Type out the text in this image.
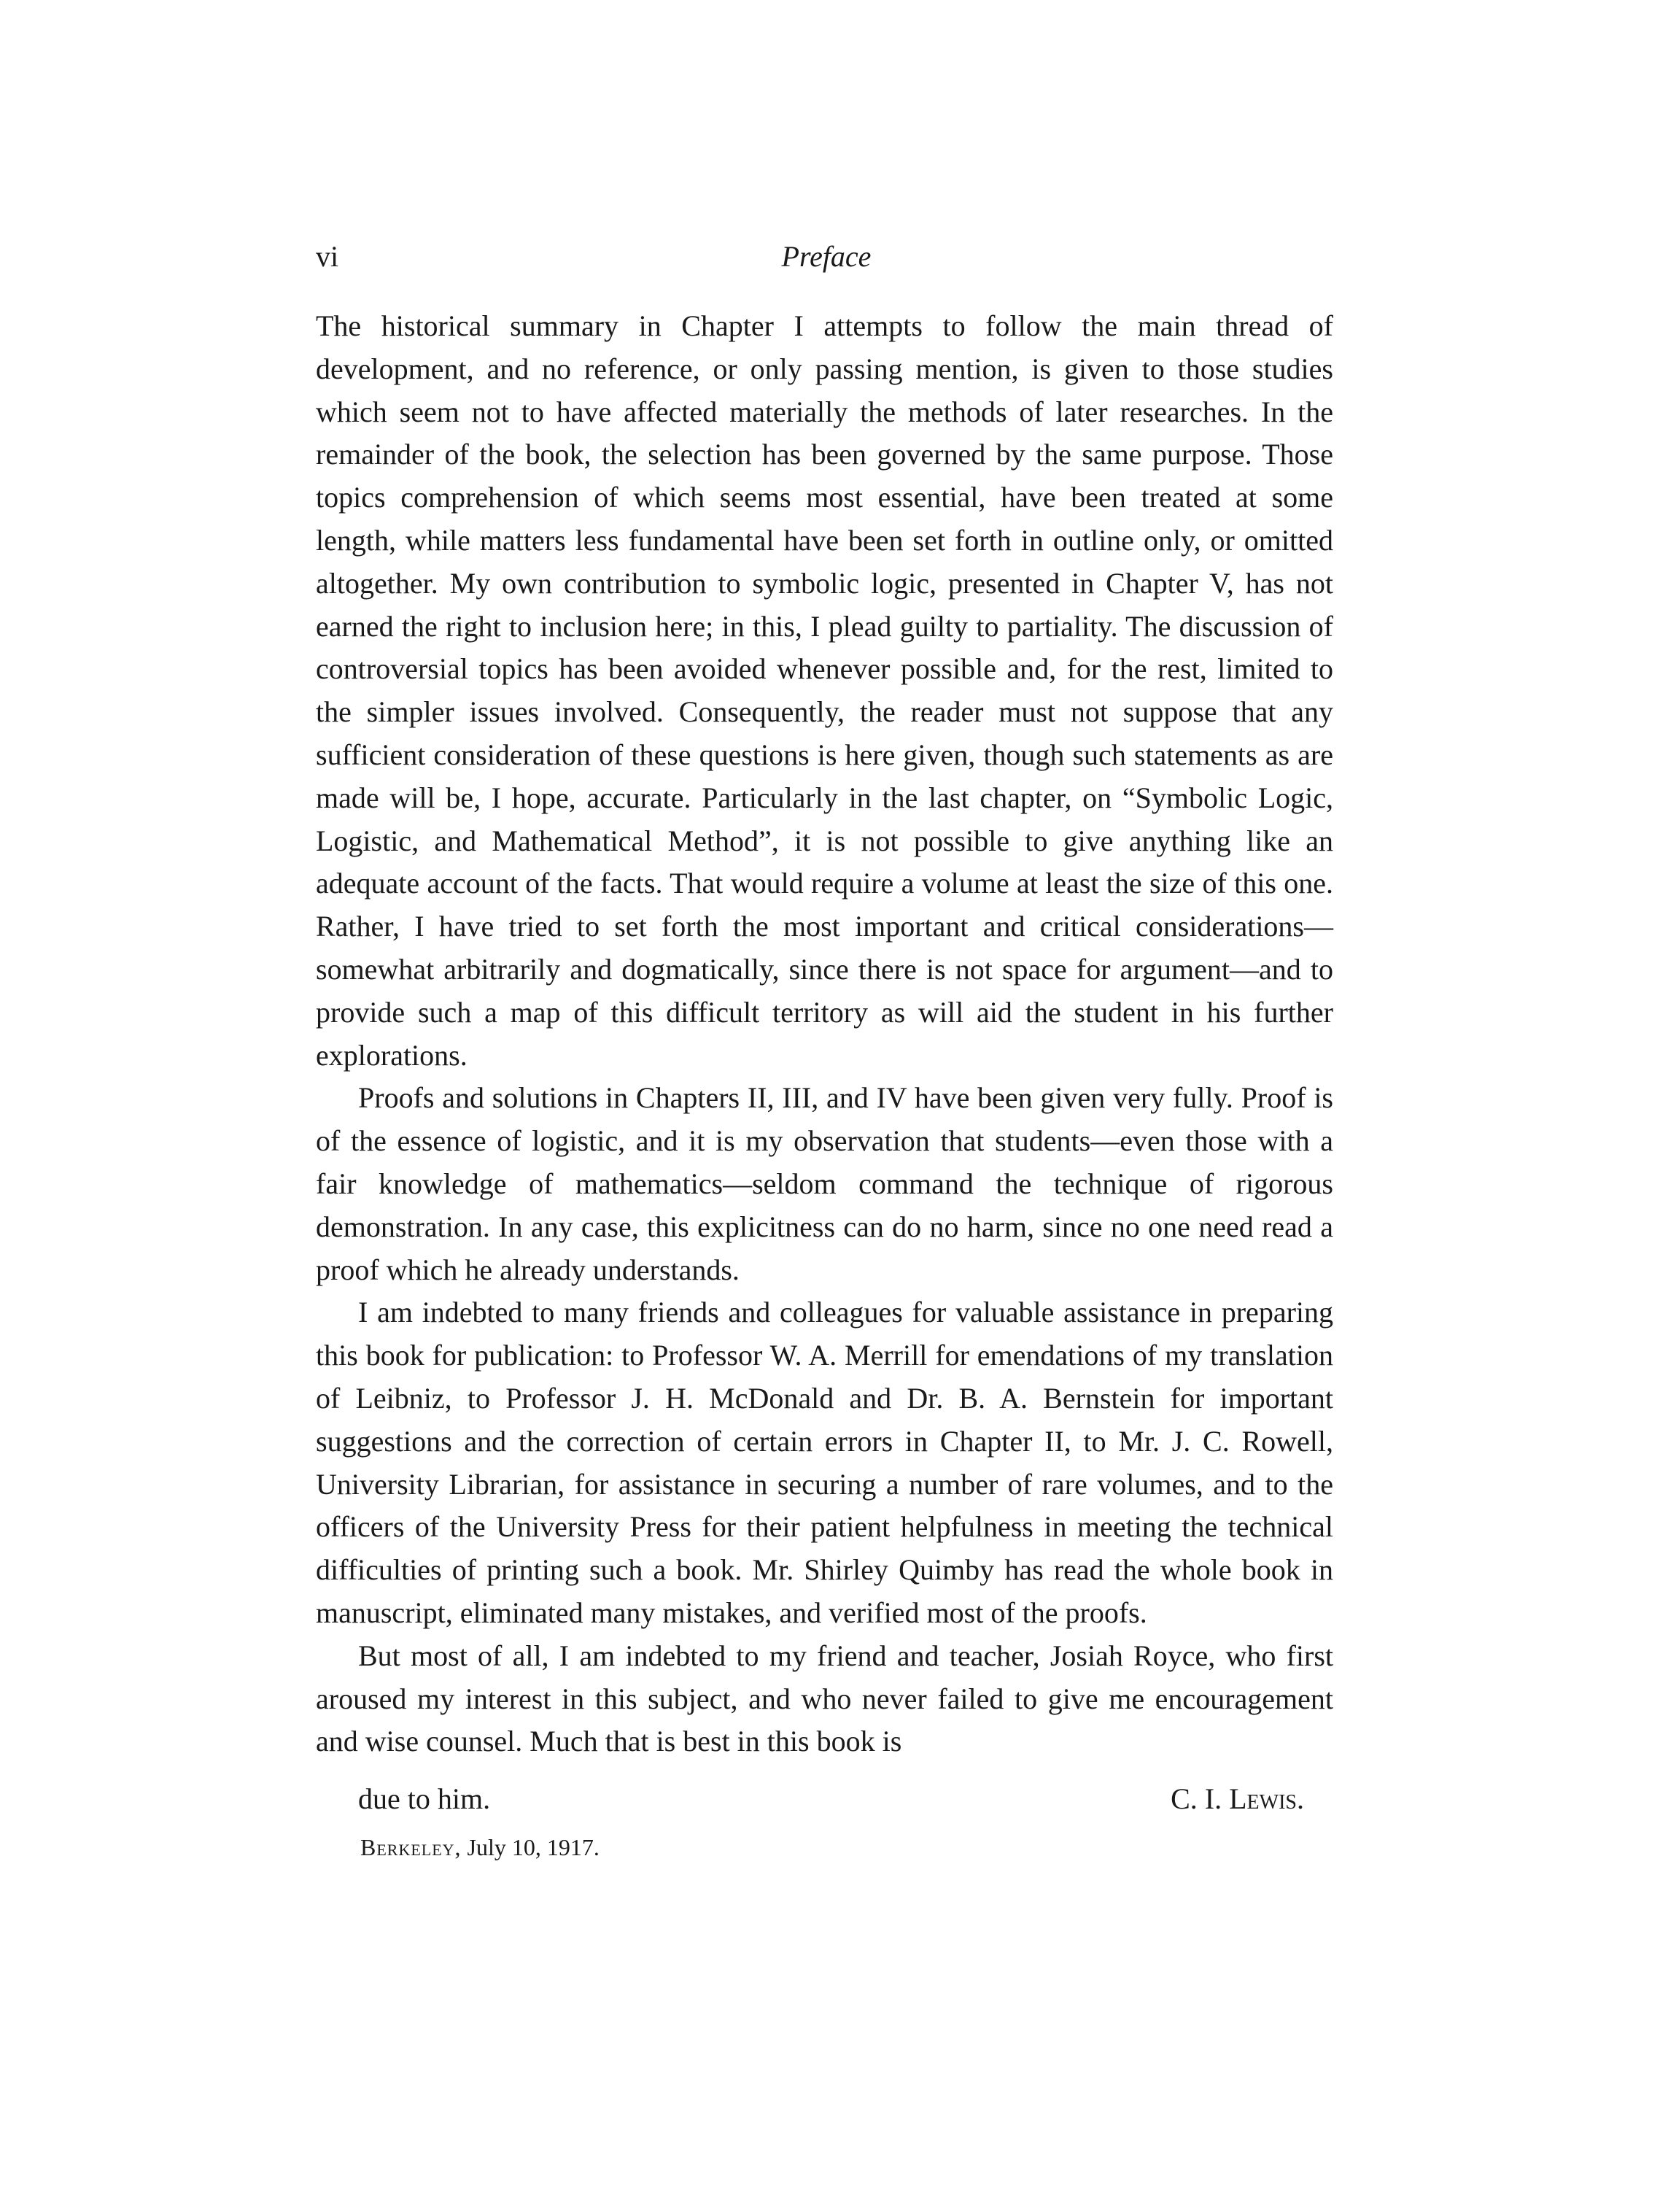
vi	Preface

The historical summary in Chapter I attempts to follow the main thread of development, and no reference, or only passing mention, is given to those studies which seem not to have affected materially the methods of later researches. In the remainder of the book, the selection has been governed by the same purpose. Those topics comprehension of which seems most essential, have been treated at some length, while matters less fundamental have been set forth in outline only, or omitted altogether. My own contribution to symbolic logic, presented in Chapter V, has not earned the right to inclusion here; in this, I plead guilty to partiality. The discussion of controversial topics has been avoided whenever possible and, for the rest, limited to the simpler issues involved. Consequently, the reader must not suppose that any sufficient consideration of these questions is here given, though such statements as are made will be, I hope, accurate. Particularly in the last chapter, on “Symbolic Logic, Logistic, and Mathematical Method”, it is not possible to give anything like an adequate account of the facts. That would require a volume at least the size of this one. Rather, I have tried to set forth the most important and critical considerations—somewhat arbitrarily and dogmatically, since there is not space for argument—and to provide such a map of this difficult territory as will aid the student in his further explorations.

Proofs and solutions in Chapters II, III, and IV have been given very fully. Proof is of the essence of logistic, and it is my observation that students—even those with a fair knowledge of mathematics—seldom command the technique of rigorous demonstration. In any case, this explicitness can do no harm, since no one need read a proof which he already understands.

I am indebted to many friends and colleagues for valuable assistance in preparing this book for publication: to Professor W. A. Merrill for emendations of my translation of Leibniz, to Professor J. H. McDonald and Dr. B. A. Bernstein for important suggestions and the correction of certain errors in Chapter II, to Mr. J. C. Rowell, University Librarian, for assistance in securing a number of rare volumes, and to the officers of the University Press for their patient helpfulness in meeting the technical difficulties of printing such a book. Mr. Shirley Quimby has read the whole book in manuscript, eliminated many mistakes, and verified most of the proofs.

But most of all, I am indebted to my friend and teacher, Josiah Royce, who first aroused my interest in this subject, and who never failed to give me encouragement and wise counsel. Much that is best in this book is

due to him.	C. I. Lewis.
Berkeley, July 10, 1917.
